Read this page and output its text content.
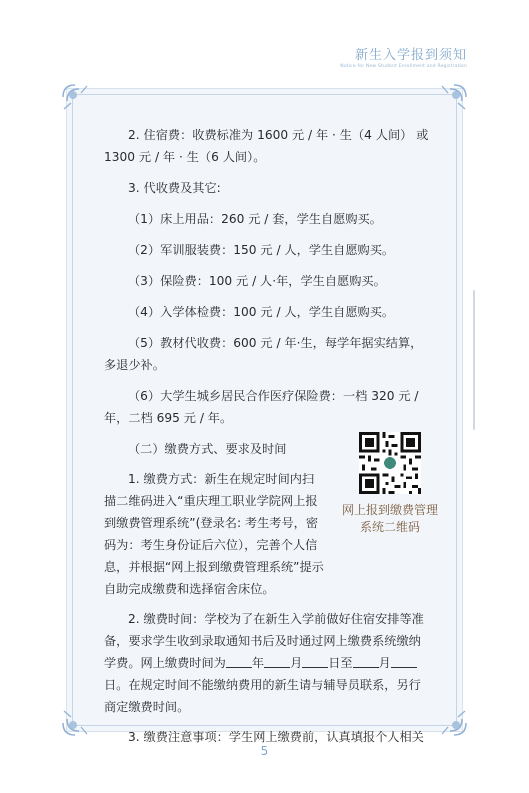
新生入学报到须知
Notice for New Student Enrollment and Registration

2. 住宿费：收费标准为 1600 元 / 年 · 生（4 人间） 或 1300 元 / 年 · 生（6 人间）。

3. 代收费及其它:

（1）床上用品：260 元 / 套，学生自愿购买。

（2）军训服装费：150 元 / 人，学生自愿购买。

（3）保险费：100 元 / 人·年，学生自愿购买。

（4）入学体检费：100 元 / 人，学生自愿购买。

（5）教材代收费：600 元 / 年·生，每学年据实结算，多退少补。

（6）大学生城乡居民合作医疗保险费：一档 320 元 / 年，二档 695 元 / 年。

（二）缴费方式、要求及时间

1. 缴费方式：新生在规定时间内扫描二维码进入“重庆理工职业学院网上报到缴费管理系统”(登录名: 考生考号，密码为：考生身份证后六位），完善个人信息，并根据“网上报到缴费管理系统”提示自助完成缴费和选择宿舍床位。

2. 缴费时间：学校为了在新生入学前做好住宿安排等准备，要求学生收到录取通知书后及时通过网上缴费系统缴纳学费。网上缴费时间为 年 月 日至 月日。在规定时间不能缴纳费用的新生请与辅导员联系，另行商定缴费时间。

3. 缴费注意事项：学生网上缴费前，认真填报个人相关

网上报到缴费管理
系统二维码
5
